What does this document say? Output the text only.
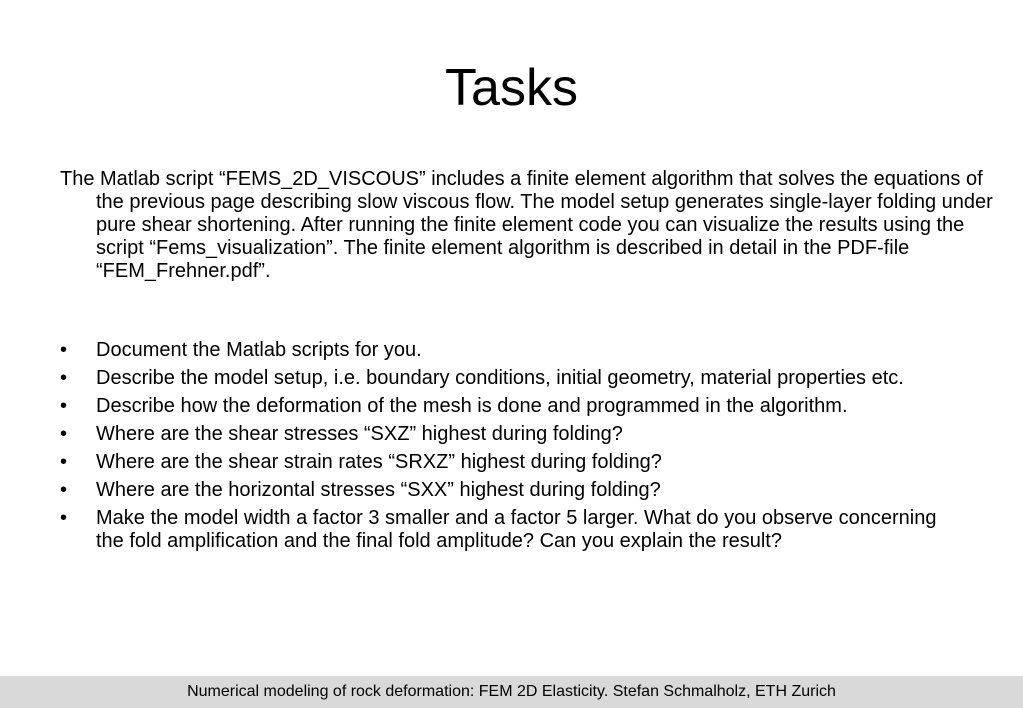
Tasks

The Matlab script “FEMS_2D_VISCOUS” includes a finite element algorithm that solves the equations of the previous page describing slow viscous flow. The model setup generates single-layer folding under pure shear shortening. After running the finite element code you can visualize the results using the script “Fems_visualization”. The finite element algorithm is described in detail in the PDF-file “FEM_Frehner.pdf”.

•	Document the Matlab scripts for you.
•	Describe the model setup, i.e. boundary conditions, initial geometry, material properties etc.
•	Describe how the deformation of the mesh is done and programmed in the algorithm.
•	Where are the shear stresses “SXZ” highest during folding?
•	Where are the shear strain rates “SRXZ” highest during folding?
•	Where are the horizontal stresses “SXX” highest during folding?
•	Make the model width a factor 3 smaller and a factor 5 larger. What do you observe concerning the fold amplification and the final fold amplitude? Can you explain the result?
Numerical modeling of rock deformation: FEM 2D Elasticity. Stefan Schmalholz, ETH Zurich
